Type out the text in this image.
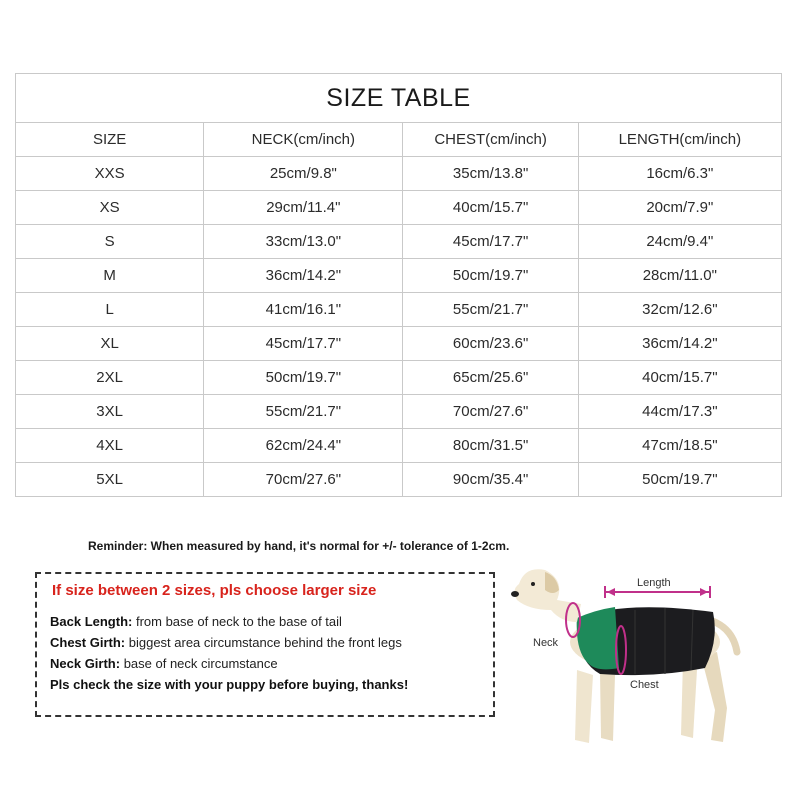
SIZE TABLE			
SIZE	NECK(cm/inch)	CHEST(cm/inch)	LENGTH(cm/inch)
XXS	25cm/9.8"	35cm/13.8"	16cm/6.3"
XS	29cm/11.4"	40cm/15.7"	20cm/7.9"
S	33cm/13.0"	45cm/17.7"	24cm/9.4"
M	36cm/14.2"	50cm/19.7"	28cm/11.0"
L	41cm/16.1"	55cm/21.7"	32cm/12.6"
XL	45cm/17.7"	60cm/23.6"	36cm/14.2"
2XL	50cm/19.7"	65cm/25.6"	40cm/15.7"
3XL	55cm/21.7"	70cm/27.6"	44cm/17.3"
4XL	62cm/24.4"	80cm/31.5"	47cm/18.5"
5XL	70cm/27.6"	90cm/35.4"	50cm/19.7"
Reminder: When measured by hand, it's normal for +/- tolerance of 1-2cm.
If size between 2 sizes, pls choose larger size
Back Length: from base of neck to the base of tail
Chest Girth: biggest area circumstance behind the front legs
Neck Girth: base of neck circumstance
Pls check the size with your puppy before buying, thanks!
Length
Neck
Chest
